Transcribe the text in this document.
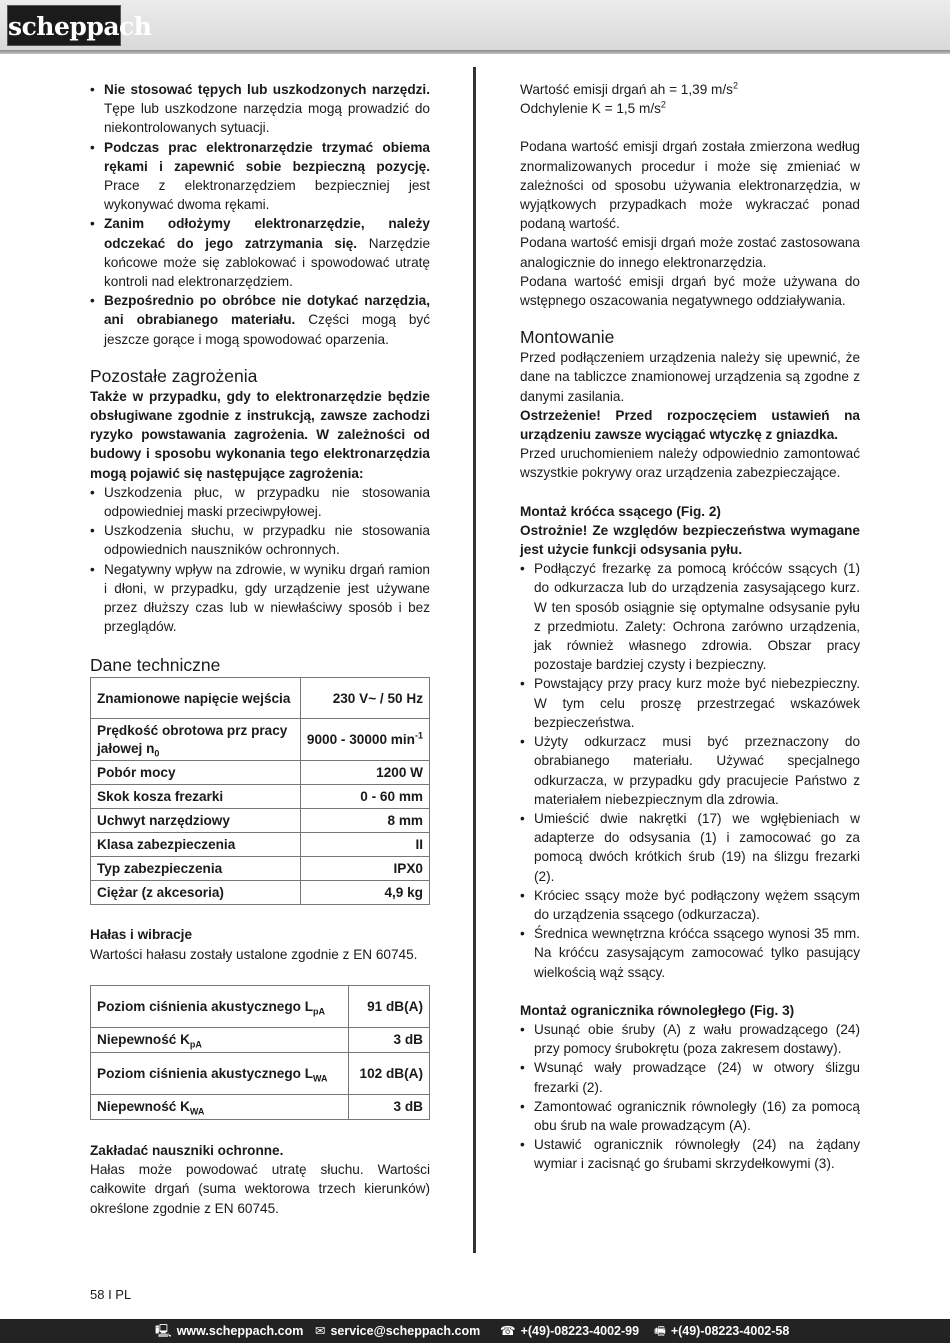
scheppach
• Nie stosować tępych lub uszkodzonych narzędzi. Tępe lub uszkodzone narzędzia mogą prowadzić do niekontrolowanych sytuacji.
• Podczas prac elektronarzędzie trzymać obiema rękami i zapewnić sobie bezpieczną pozycję. Prace z elektronarzędziem bezpieczniej jest wykonywać dwoma rękami.
• Zanim odłożymy elektronarzędzie, należy odczekać do jego zatrzymania się. Narzędzie końcowe może się zablokować i spowodować utratę kontroli nad elektronarzędziem.
• Bezpośrednio po obróbce nie dotykać narzędzia, ani obrabianego materiału. Części mogą być jeszcze gorące i mogą spowodować oparzenia.
Pozostałe zagrożenia

Także w przypadku, gdy to elektronarzędzie będzie obsługiwane zgodnie z instrukcją, zawsze zachodzi ryzyko powstawania zagrożenia. W zależności od budowy i sposobu wykonania tego elektronarzędzia mogą pojawić się następujące zagrożenia:

• Uszkodzenia płuc, w przypadku nie stosowania odpowiedniej maski przeciwpyłowej.
• Uszkodzenia słuchu, w przypadku nie stosowania odpowiednich nauszników ochronnych.
• Negatywny wpływ na zdrowie, w wyniku drgań ramion i dłoni, w przypadku, gdy urządzenie jest używane przez dłuższy czas lub w niewłaściwy sposób i bez przeglądów.
Dane techniczne
Znamionowe napięcie wejścia	230 V~ / 50 Hz
Prędkość obrotowa prz pracy jałowej $n_0$	9000 - 30000 $\min^{-1}$
Pobór mocy	1200 W
Skok kosza frezarki	0 - 60 mm
Uchwyt narzędziowy	8 mm
Klasa zabezpieczenia	II
Typ zabezpieczenia	IPX0
Ciężar (z akcesoria)	4,9 kg
Hałas i wibracje

Wartości hałasu zostały ustalone zgodnie z EN 60745.

Poziom ciśnienia akustycznego $L_{pA}$	91 dB(A)
Niepewność $K_{pA}$	3 dB
Poziom ciśnienia akustycznego $L_{WA}$	102 dB(A)
Niepewność $K_{WA}$	3 dB
Zakładać nauszniki ochronne.

Hałas może powodować utratę słuchu. Wartości całkowite drgań (suma wektorowa trzech kierunków) określone zgodnie z EN 60745.

Wartość emisji drgań ah = 1,39 $m/s^2$

Odchylenie K = 1,5 $m/s^2$

Podana wartość emisji drgań została zmierzona według znormalizowanych procedur i może się zmieniać w zależności od sposobu używania elektronarzędzia, w wyjątkowych przypadkach może wykraczać ponad podaną wartość.

Podana wartość emisji drgań może zostać zastosowana analogicznie do innego elektronarzędzia.

Podana wartość emisji drgań być może używana do wstępnego oszacowania negatywnego oddziaływania.

Montowanie

Przed podłączeniem urządzenia należy się upewnić, że dane na tabliczce znamionowej urządzenia są zgodne z danymi zasilania.

Ostrzeżenie! Przed rozpoczęciem ustawień na urządzeniu zawsze wyciągać wtyczkę z gniazdka.

Przed uruchomieniem należy odpowiednio zamontować wszystkie pokrywy oraz urządzenia zabezpieczające.

Montaż króćca ssącego (Fig. 2)

Ostrożnie! Ze względów bezpieczeństwa wymagane jest użycie funkcji odsysania pyłu.

• Podłączyć frezarkę za pomocą króćców ssących (1) do odkurzacza lub do urządzenia zasysającego kurz. W ten sposób osiągnie się optymalne odsysanie pyłu z przedmiotu. Zalety: Ochrona zarówno urządzenia, jak również własnego zdrowia. Obszar pracy pozostaje bardziej czysty i bezpieczny.
• Powstający przy pracy kurz może być niebezpieczny. W tym celu proszę przestrzegać wskazówek bezpieczeństwa.
• Użyty odkurzacz musi być przeznaczony do obrabianego materiału. Używać specjalnego odkurzacza, w przypadku gdy pracujecie Państwo z materiałem niebezpiecznym dla zdrowia.
• Umieścić dwie nakrętki (17) we wgłębieniach w adapterze do odsysania (1) i zamocować go za pomocą dwóch krótkich śrub (19) na ślizgu frezarki (2).
• Króciec ssący może być podłączony wężem ssącym do urządzenia ssącego (odkurzacza).
• Średnica wewnętrzna króćca ssącego wynosi 35 mm. Na króćcu zasysającym zamocować tylko pasujący wielkością wąż ssący.
Montaż ogranicznika równoległego (Fig. 3)
• Usunąć obie śruby (A) z wału prowadzącego (24) przy pomocy śrubokrętu (poza zakresem dostawy).
• Wsunąć wały prowadzące (24) w otwory ślizgu frezarki (2).
• Zamontować ogranicznik równoległy (16) za pomocą obu śrub na wale prowadzącym (A).
• Ustawić ogranicznik równoległy (24) na żądany wymiar i zacisnąć go śrubami skrzydełkowymi (3).
58 I PL
🖳 www.scheppach.com ✉ service@scheppach.com ☎ +(49)-08223-4002-99 🖷 +(49)-08223-4002-58
